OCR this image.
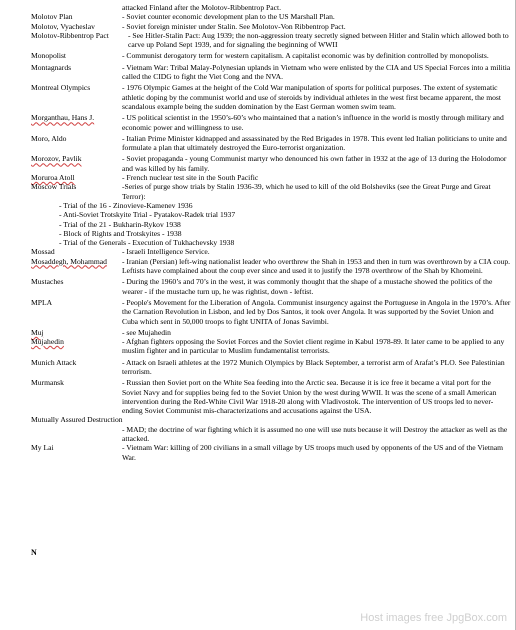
attacked Finland after the Molotov-Ribbentrop Pact.
Molotov Plan	- Soviet counter economic development plan to the US Marshall Plan.
Molotov, Vyacheslav	- Soviet foreign minister under Stalin. See Molotov-Von Ribbentrop Pact.
Molotov-Ribbentrop Pact	- See Hitler-Stalin Pact: Aug 1939; the non-aggression treaty secretly signed between Hitler and Stalin which allowed both to carve up Poland Sept 1939, and for signaling the beginning of WWII
Monopolist	- Communist derogatory term for western capitalism. A capitalist economic was by definition controlled by monopolists.
Montagnards	- Vietnam War: Tribal Malay-Polynesian uplands in Vietnam who were enlisted by the CIA and US Special Forces into a militia called the CIDG to fight the Viet Cong and the NVA.
Montreal Olympics	- 1976 Olympic Games at the height of the Cold War manipulation of sports for political purposes. The extent of systematic athletic doping by the communist world and use of steroids by individual athletes in the west first became apparent, the most scandalous example being the sudden domination by the East German women swim team.
Morganthau, Hans J.	- US political scientist in the 1950’s-60’s who maintained that a nation’s influence in the world is mostly through military and economic power and willingness to use.
Moro, Aldo	- Italian Prime Minister kidnapped and assassinated by the Red Brigades in 1978. This event led Italian politicians to unite and formulate a plan that ultimately destroyed the Euro-terrorist organization.
Morozov, Pavlik	- Soviet propaganda - young Communist martyr who denounced his own father in 1932 at the age of 13 during the Holodomor and was killed by his family.
Moruroa Atoll	- French nuclear test site in the South Pacific
Moscow Trials	-Series of purge show trials by Stalin 1936-39, which he used to kill of the old Bolsheviks (see the Great Purge and Great Terror):
- Trial of the 16 - Zinovieve-Kamenev 1936
- Anti-Soviet Trotskyite Trial - Pyatakov-Radek trial 1937
- Trial of the 21 - Bukharin-Rykov 1938
- Block of Rights and Trotskyites - 1938
- Trial of the Generals - Execution of Tukhachevsky 1938
Mossad	- Israeli Intelligence Service.
Mosaddegh, Mohammad - Iranian (Persian) left-wing nationalist leader who overthrew the Shah in 1953 and then in turn was overthrown by a CIA coup. Leftists have complained about the coup ever since and used it to justify the 1978 overthrow of the Shah by Khomeini.
Mustaches	- During the 1960’s and 70’s in the west, it was commonly thought that the shape of a mustache showed the politics of the wearer - if the mustache turn up, he was rightist, down - leftist.
MPLA	- People's Movement for the Liberation of Angola. Communist insurgency against the Portuguese in Angola in the 1970’s. After the Carnation Revolution in Lisbon, and led by Dos Santos, it took over Angola. It was supported by the Soviet Union and Cuba which sent in 50,000 troops to fight UNITA of Jonas Savimbi.
Muj	- see Mujahedin
Mujahedin	- Afghan fighters opposing the Soviet Forces and the Soviet client regime in Kabul 1978-89. It later came to be applied to any muslim fighter and in particular to Muslim fundamentalist terrorists.
Munich Attack	- Attack on Israeli athletes at the 1972 Munich Olympics by Black September, a terrorist arm of Arafat’s PLO. See Palestinian terrorism.
Murmansk	- Russian then Soviet port on the White Sea feeding into the Arctic sea. Because it is ice free it became a vital port for the Soviet Navy and for supplies being fed to the Soviet Union by the west during WWII. It was the scene of a small American intervention during the Red-White Civil War 1918-20 along with Vladivostok. The intervention of US troops led to never-ending Soviet Communist mis-characterizations and accusations against the USA.
Mutually Assured Destruction
- MAD; the doctrine of war fighting which it is assumed no one will use nuts because it will Destroy the attacker as well as the attacked.
My Lai	- Vietnam War: killing of 200 civilians in a small village by US troops much used by opponents of the US and of the Vietnam War.
N
Host images free JpgBox.com
